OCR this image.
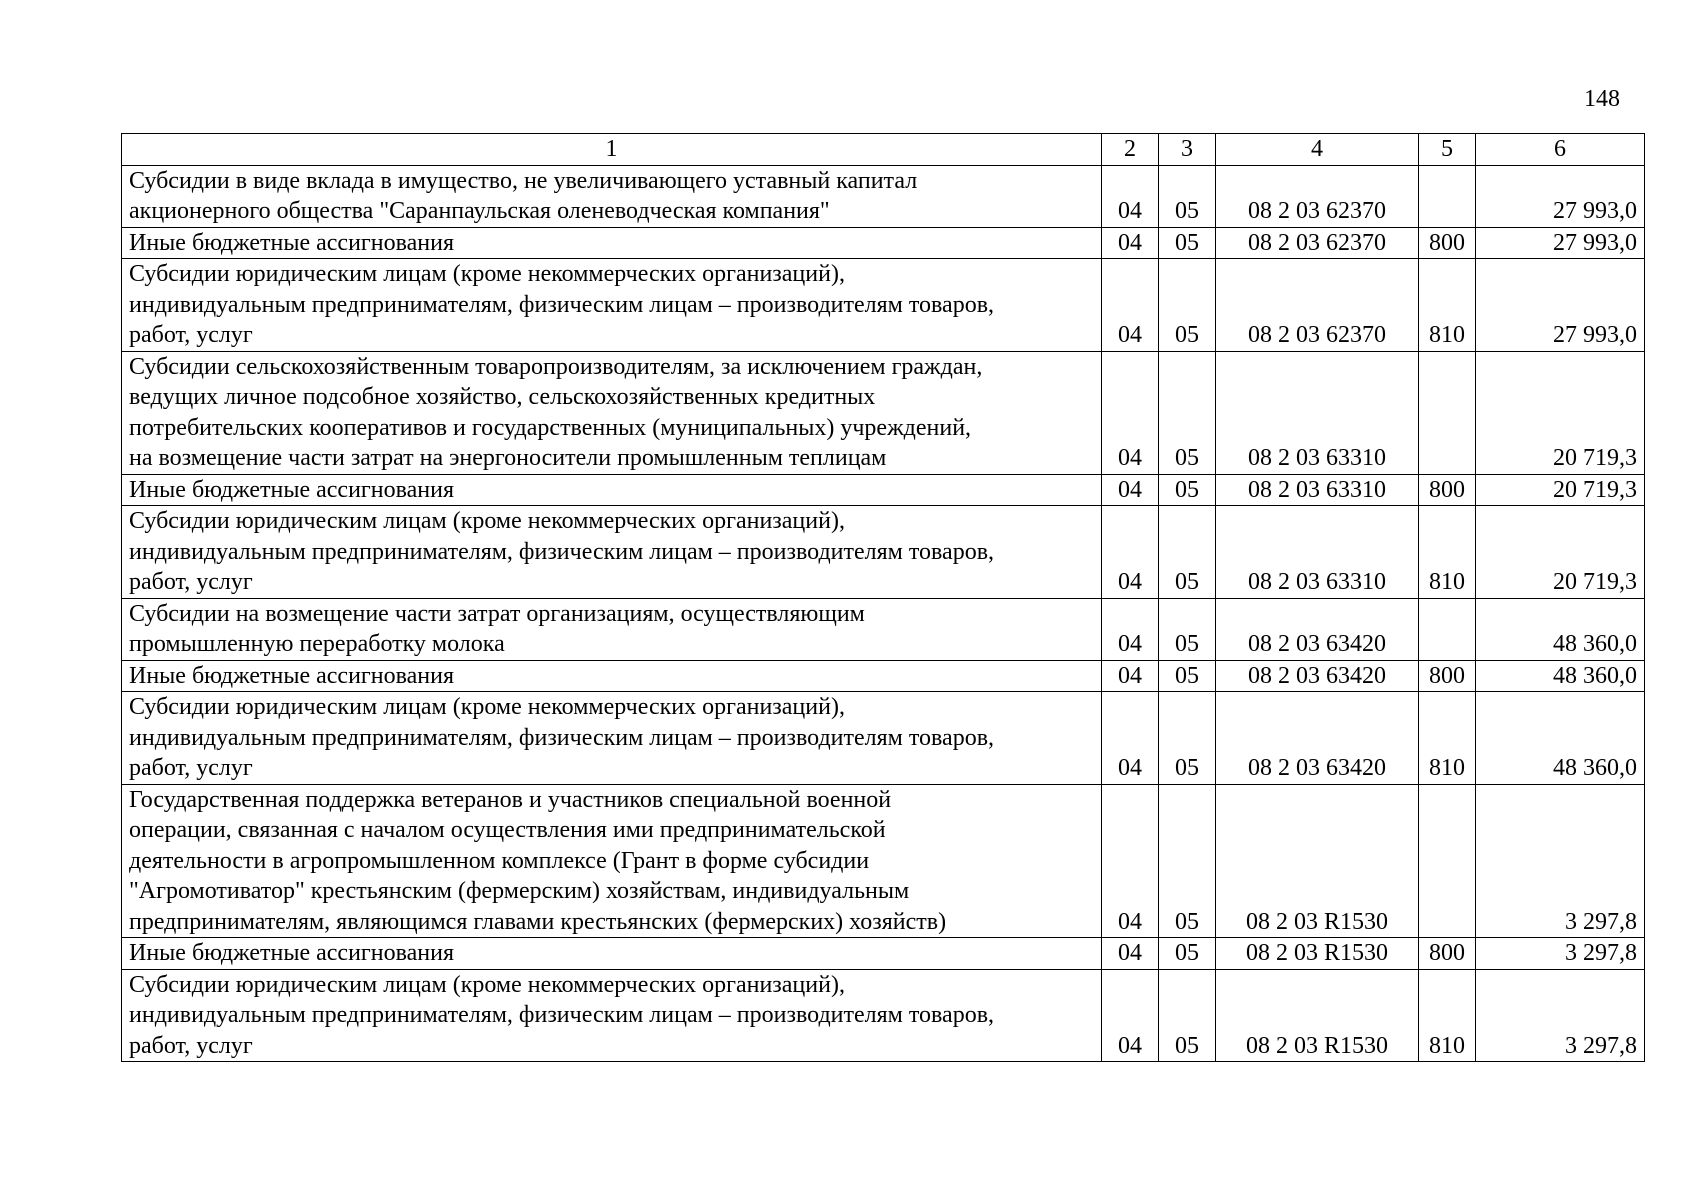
148
1	2	3	4	5	6

Субсидии в виде вклада в имущество, не увеличивающего уставный капитал
акционерного общества "Саранпаульская оленеводческая компания"	04	05	08 2 03 62370		27 993,0

Иные бюджетные ассигнования	04	05	08 2 03 62370	800	27 993,0

Субсидии юридическим лицам (кроме некоммерческих организаций),
индивидуальным предпринимателям, физическим лицам – производителям товаров,
работ, услуг	04	05	08 2 03 62370	810	27 993,0

Субсидии сельскохозяйственным товаропроизводителям, за исключением граждан,
ведущих личное подсобное хозяйство, сельскохозяйственных кредитных
потребительских кооперативов и государственных (муниципальных) учреждений,
на возмещение части затрат на энергоносители промышленным теплицам	04	05	08 2 03 63310		20 719,3

Иные бюджетные ассигнования	04	05	08 2 03 63310	800	20 719,3

Субсидии юридическим лицам (кроме некоммерческих организаций),
индивидуальным предпринимателям, физическим лицам – производителям товаров,
работ, услуг	04	05	08 2 03 63310	810	20 719,3

Субсидии на возмещение части затрат организациям, осуществляющим
промышленную переработку молока	04	05	08 2 03 63420		48 360,0

Иные бюджетные ассигнования	04	05	08 2 03 63420	800	48 360,0

Субсидии юридическим лицам (кроме некоммерческих организаций),
индивидуальным предпринимателям, физическим лицам – производителям товаров,
работ, услуг	04	05	08 2 03 63420	810	48 360,0

Государственная поддержка ветеранов и участников специальной военной
операции, связанная с началом осуществления ими предпринимательской
деятельности в агропромышленном комплексе (Грант в форме субсидии
"Агромотиватор" крестьянским (фермерским) хозяйствам, индивидуальным
предпринимателям, являющимся главами крестьянских (фермерских) хозяйств)	04	05	08 2 03 R1530		3 297,8

Иные бюджетные ассигнования	04	05	08 2 03 R1530	800	3 297,8

Субсидии юридическим лицам (кроме некоммерческих организаций),
индивидуальным предпринимателям, физическим лицам – производителям товаров,
работ, услуг	04	05	08 2 03 R1530	810	3 297,8
